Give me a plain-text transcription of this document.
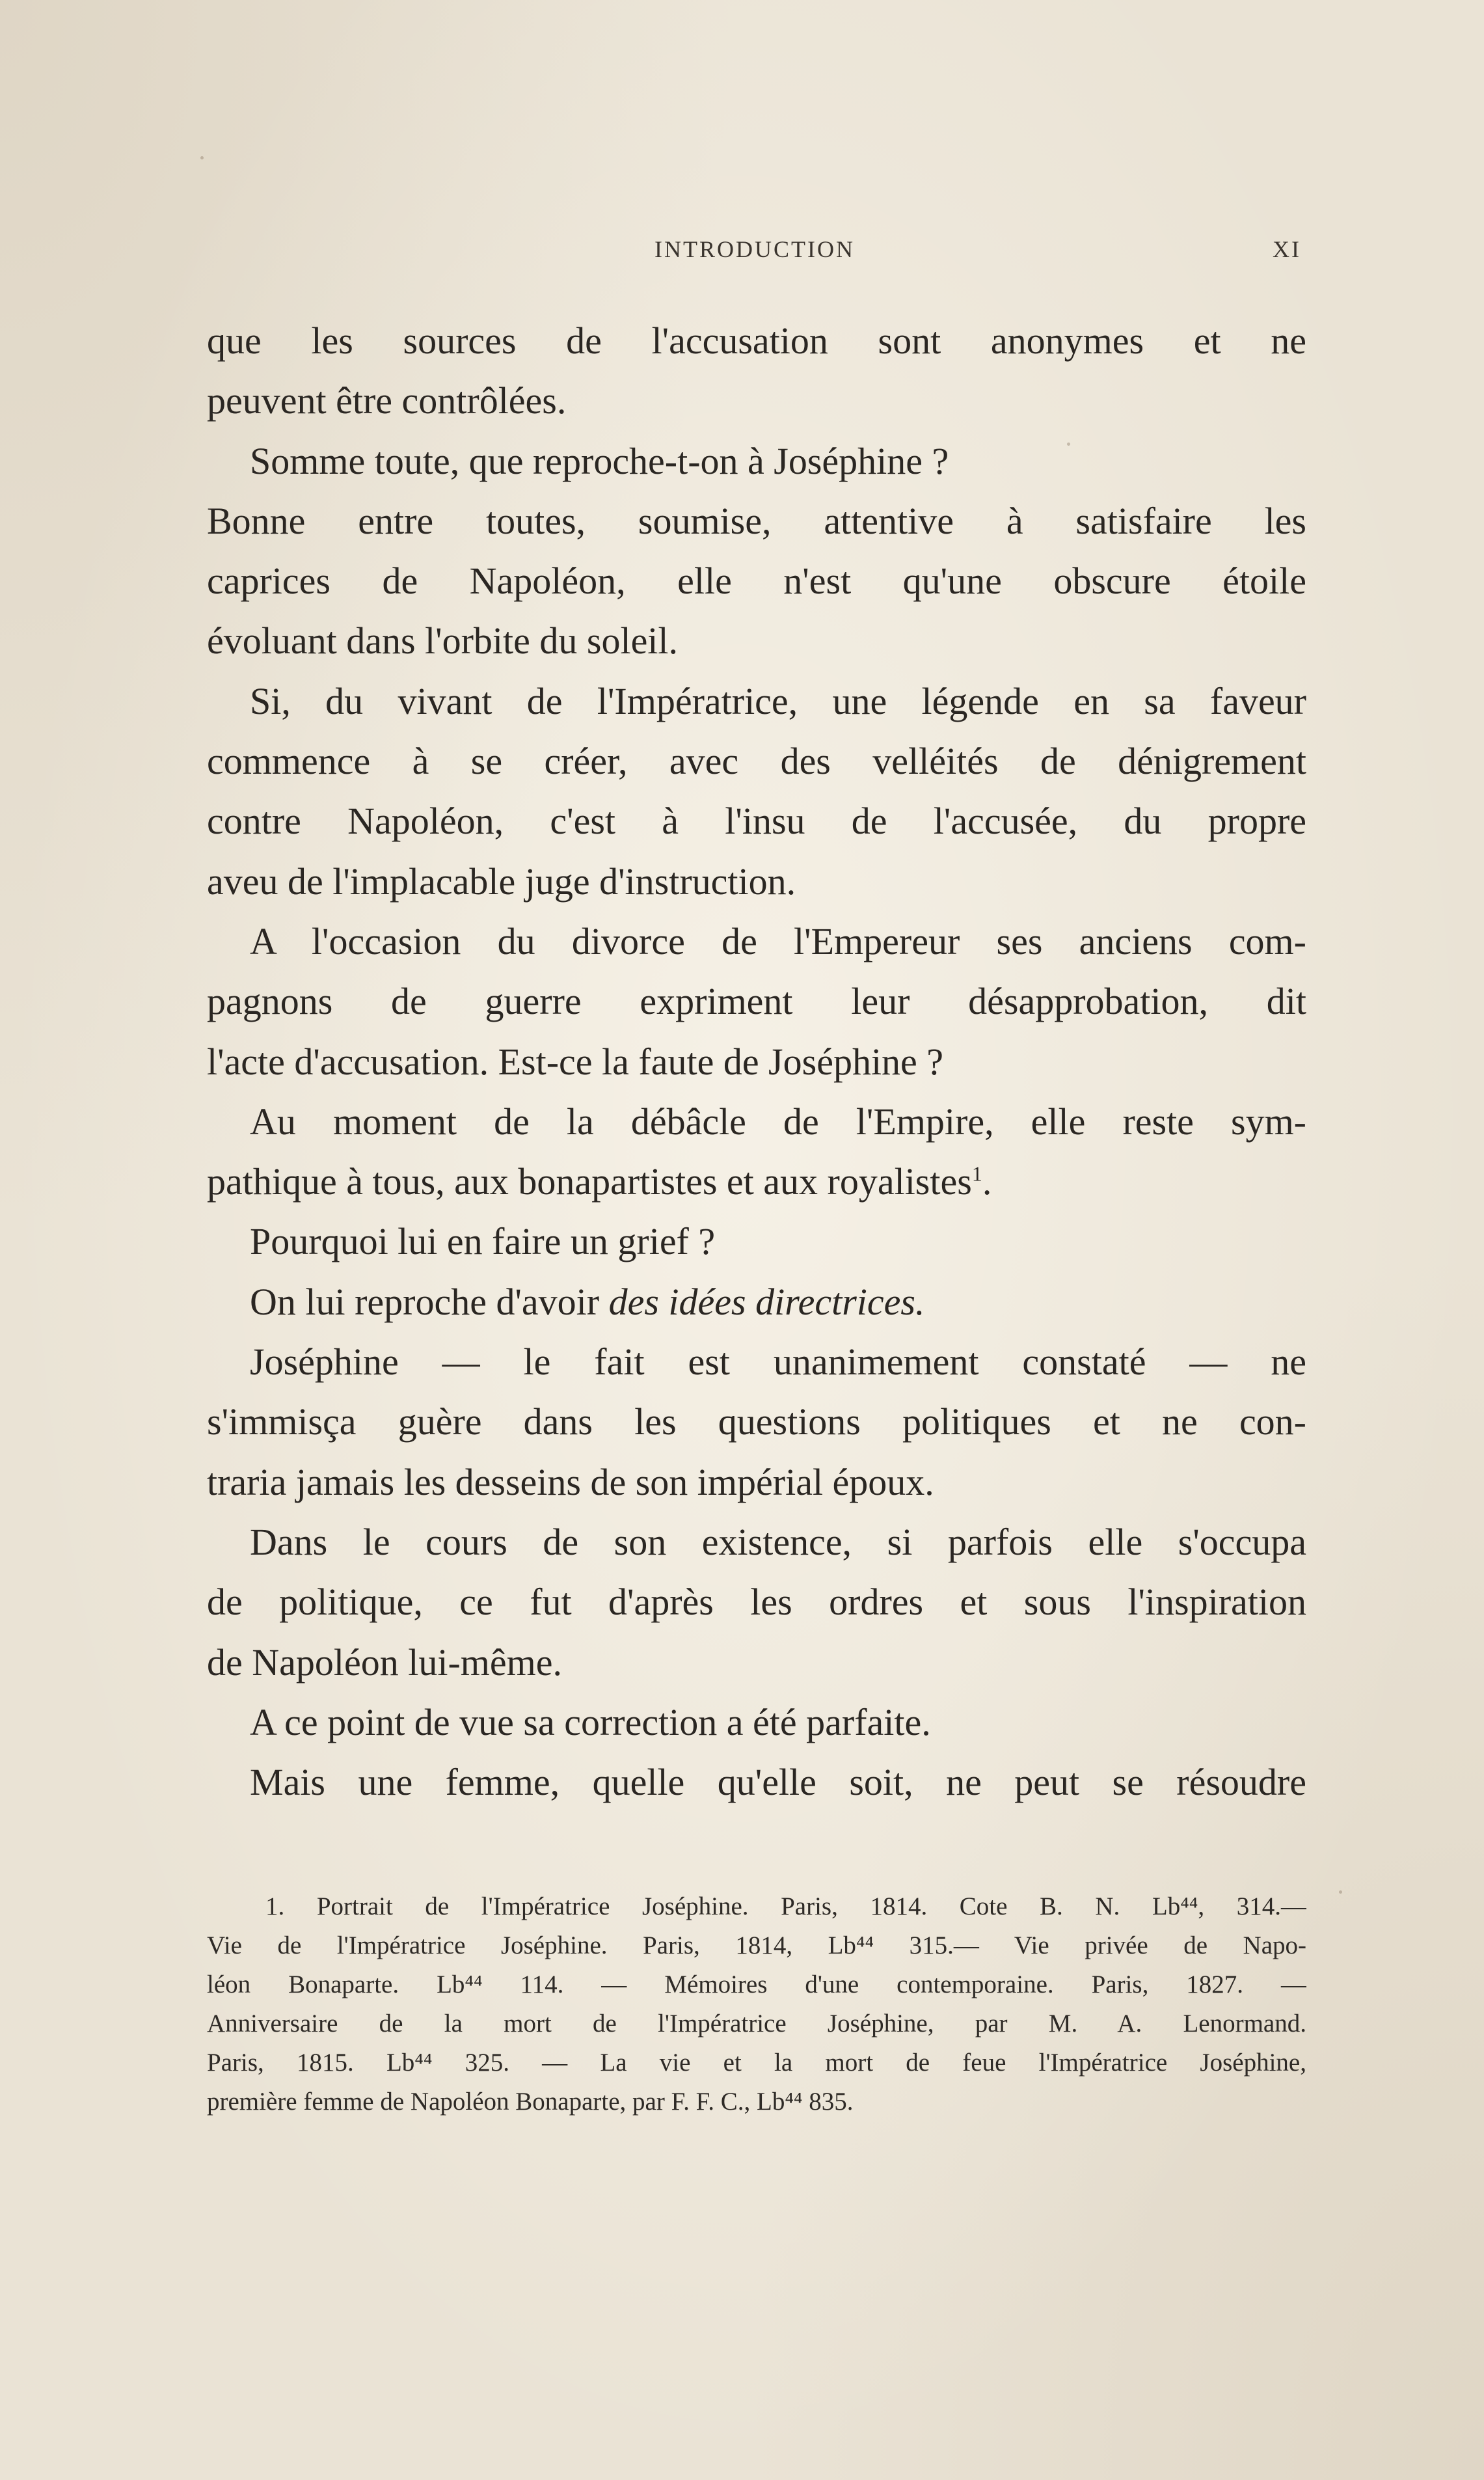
INTRODUCTION	XI
que les sources de l'accusation sont anonymes et ne
peuvent être contrôlées.
Somme toute, que reproche-t-on à Joséphine ?
Bonne entre toutes, soumise, attentive à satisfaire les
caprices de Napoléon, elle n'est qu'une obscure étoile
évoluant dans l'orbite du soleil.
Si, du vivant de l'Impératrice, une légende en sa faveur
commence à se créer, avec des velléités de dénigrement
contre Napoléon, c'est à l'insu de l'accusée, du propre
aveu de l'implacable juge d'instruction.
A l'occasion du divorce de l'Empereur ses anciens com-
pagnons de guerre expriment leur désapprobation, dit
l'acte d'accusation. Est-ce la faute de Joséphine ?
Au moment de la débâcle de l'Empire, elle reste sym-
pathique à tous, aux bonapartistes et aux royalistes$^1$.
Pourquoi lui en faire un grief ?
On lui reproche d'avoir des idées directrices.
Joséphine — le fait est unanimement constaté — ne
s'immisça guère dans les questions politiques et ne con-
traria jamais les desseins de son impérial époux.
Dans le cours de son existence, si parfois elle s'occupa
de politique, ce fut d'après les ordres et sous l'inspiration
de Napoléon lui-même.
A ce point de vue sa correction a été parfaite.
Mais une femme, quelle qu'elle soit, ne peut se résoudre
1. Portrait de l'Impératrice Joséphine. Paris, 1814. Cote B. N. Lb⁴⁴, 314.—
Vie de l'Impératrice Joséphine. Paris, 1814, Lb⁴⁴ 315.— Vie privée de Napo-
léon Bonaparte. Lb⁴⁴ 114. — Mémoires d'une contemporaine. Paris, 1827. —
Anniversaire de la mort de l'Impératrice Joséphine, par M. A. Lenormand.
Paris, 1815. Lb⁴⁴ 325. — La vie et la mort de feue l'Impératrice Joséphine,
première femme de Napoléon Bonaparte, par F. F. C., Lb⁴⁴ 835.
